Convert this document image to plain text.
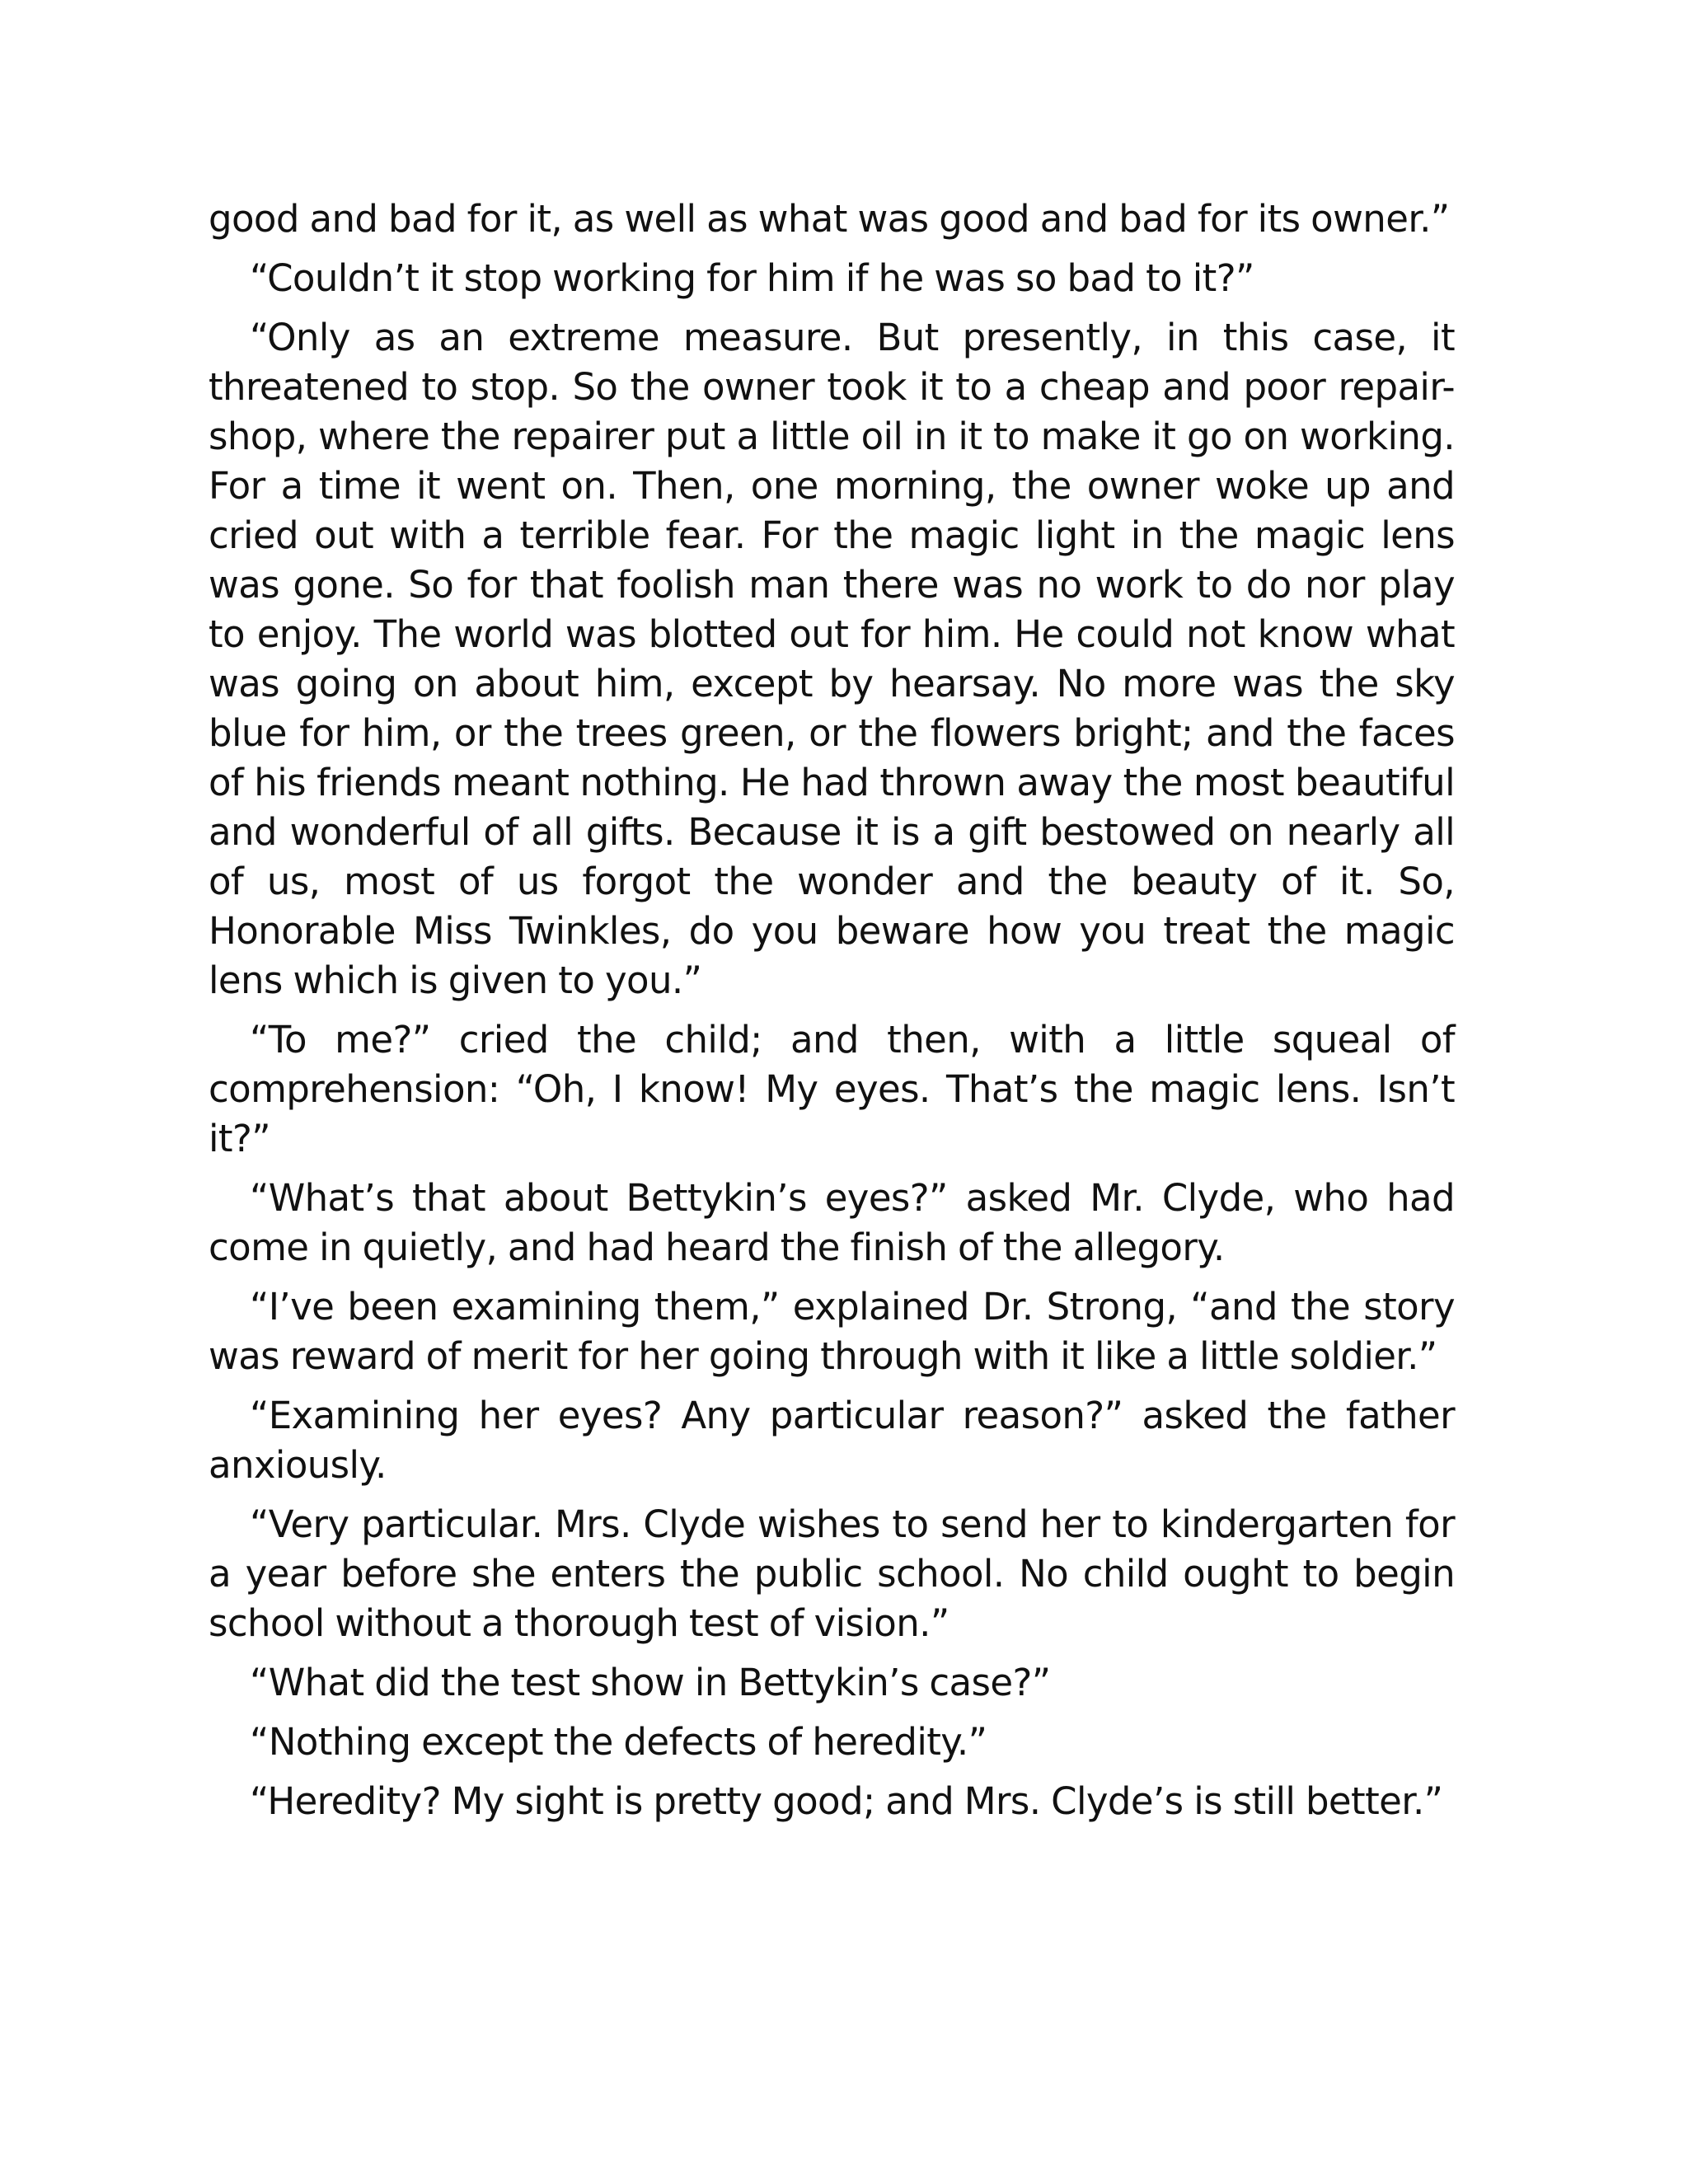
good and bad for it, as well as what was good and bad for its owner.”

“Couldn’t it stop working for him if he was so bad to it?”

“Only as an extreme measure. But presently, in this case, it threatened to stop. So the owner took it to a cheap and poor repair-shop, where the repairer put a little oil in it to make it go on working. For a time it went on. Then, one morning, the owner woke up and cried out with a terrible fear. For the magic light in the magic lens was gone. So for that foolish man there was no work to do nor play to enjoy. The world was blotted out for him. He could not know what was going on about him, except by hearsay. No more was the sky blue for him, or the trees green, or the flowers bright; and the faces of his friends meant nothing. He had thrown away the most beautiful and wonderful of all gifts. Because it is a gift bestowed on nearly all of us, most of us forgot the wonder and the beauty of it. So, Honorable Miss Twinkles, do you beware how you treat the magic lens which is given to you.”

“To me?” cried the child; and then, with a little squeal of comprehension: “Oh, I know! My eyes. That’s the magic lens. Isn’t it?”

“What’s that about Bettykin’s eyes?” asked Mr. Clyde, who had come in quietly, and had heard the finish of the allegory.

“I’ve been examining them,” explained Dr. Strong, “and the story was reward of merit for her going through with it like a little soldier.”

“Examining her eyes? Any particular reason?” asked the father anxiously.

“Very particular. Mrs. Clyde wishes to send her to kindergarten for a year before she enters the public school. No child ought to begin school without a thorough test of vision.”

“What did the test show in Bettykin’s case?”

“Nothing except the defects of heredity.”

“Heredity? My sight is pretty good; and Mrs. Clyde’s is still better.”
